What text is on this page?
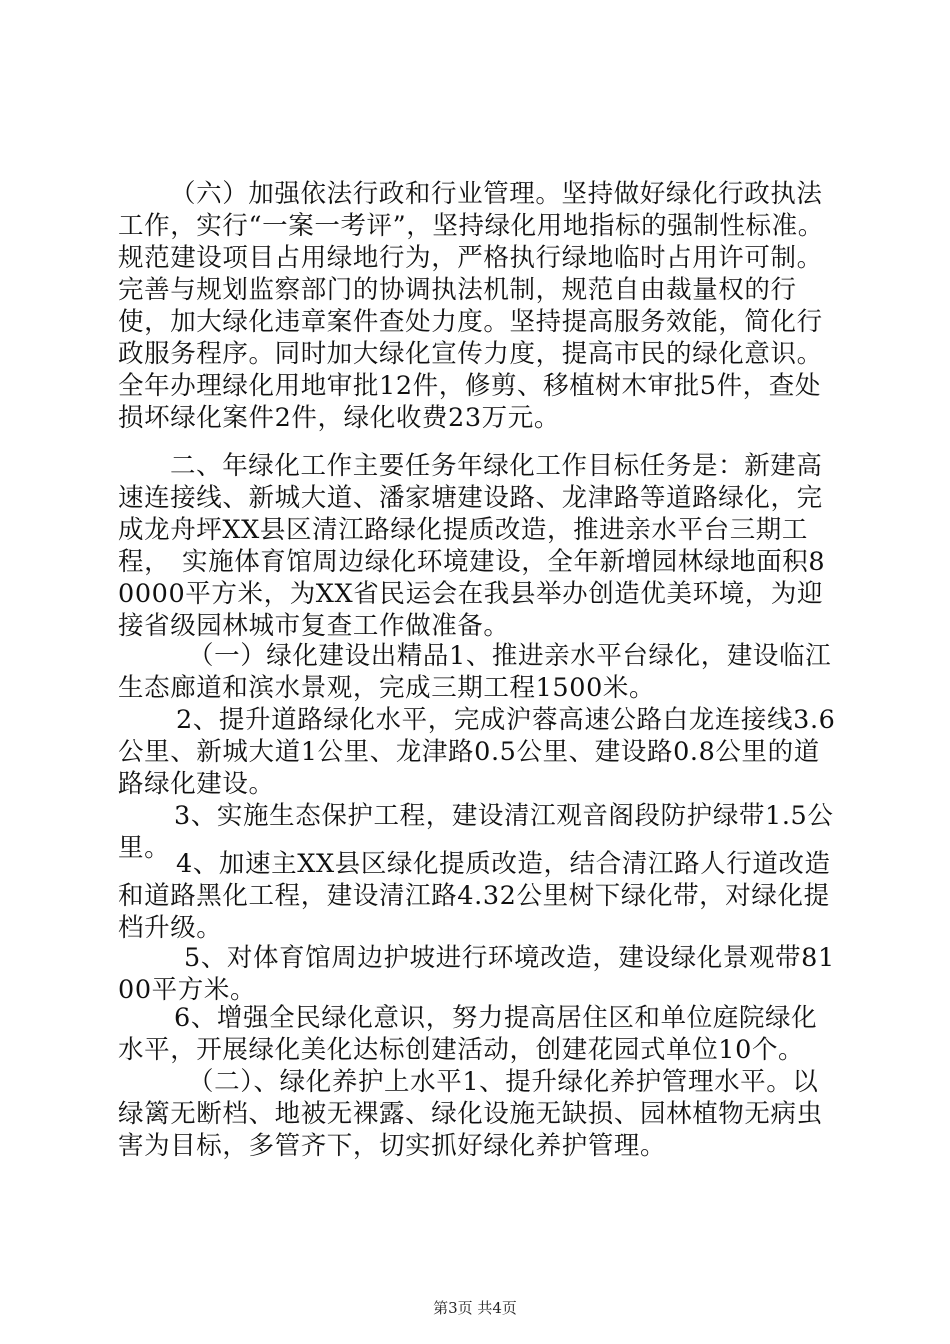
（六）加强依法行政和行业管理。坚持做好绿化行政执法工作，实行“一案一考评”，坚持绿化用地指标的强制性标准。规范建设项目占用绿地行为，严格执行绿地临时占用许可制。完善与规划监察部门的协调执法机制，规范自由裁量权的行使，加大绿化违章案件查处力度。坚持提高服务效能，简化行政服务程序。同时加大绿化宣传力度，提高市民的绿化意识。全年办理绿化用地审批12件，修剪、移植树木审批5件，查处损坏绿化案件2件，绿化收费23万元。

二、年绿化工作主要任务年绿化工作目标任务是：新建高速连接线、新城大道、潘家塘建设路、龙津路等道路绿化，完成龙舟坪XX县区清江路绿化提质改造，推进亲水平台三期工程， 实施体育馆周边绿化环境建设，全年新增园林绿地面积80000平方米，为XX省民运会在我县举办创造优美环境，为迎接省级园林城市复查工作做准备。

（一）绿化建设出精品1、推进亲水平台绿化，建设临江生态廊道和滨水景观，完成三期工程1500米。

2、提升道路绿化水平，完成沪蓉高速公路白龙连接线3.6公里、新城大道1公里、龙津路0.5公里、建设路0.8公里的道路绿化建设。

3、实施生态保护工程，建设清江观音阁段防护绿带1.5公里。

4、加速主XX县区绿化提质改造，结合清江路人行道改造和道路黑化工程，建设清江路4.32公里树下绿化带，对绿化提档升级。

5、对体育馆周边护坡进行环境改造，建设绿化景观带8100平方米。

6、增强全民绿化意识，努力提高居住区和单位庭院绿化水平，开展绿化美化达标创建活动，创建花园式单位10个。

（二）、绿化养护上水平1、提升绿化养护管理水平。以绿篱无断档、地被无裸露、绿化设施无缺损、园林植物无病虫害为目标，多管齐下，切实抓好绿化养护管理。

第3页 共4页
